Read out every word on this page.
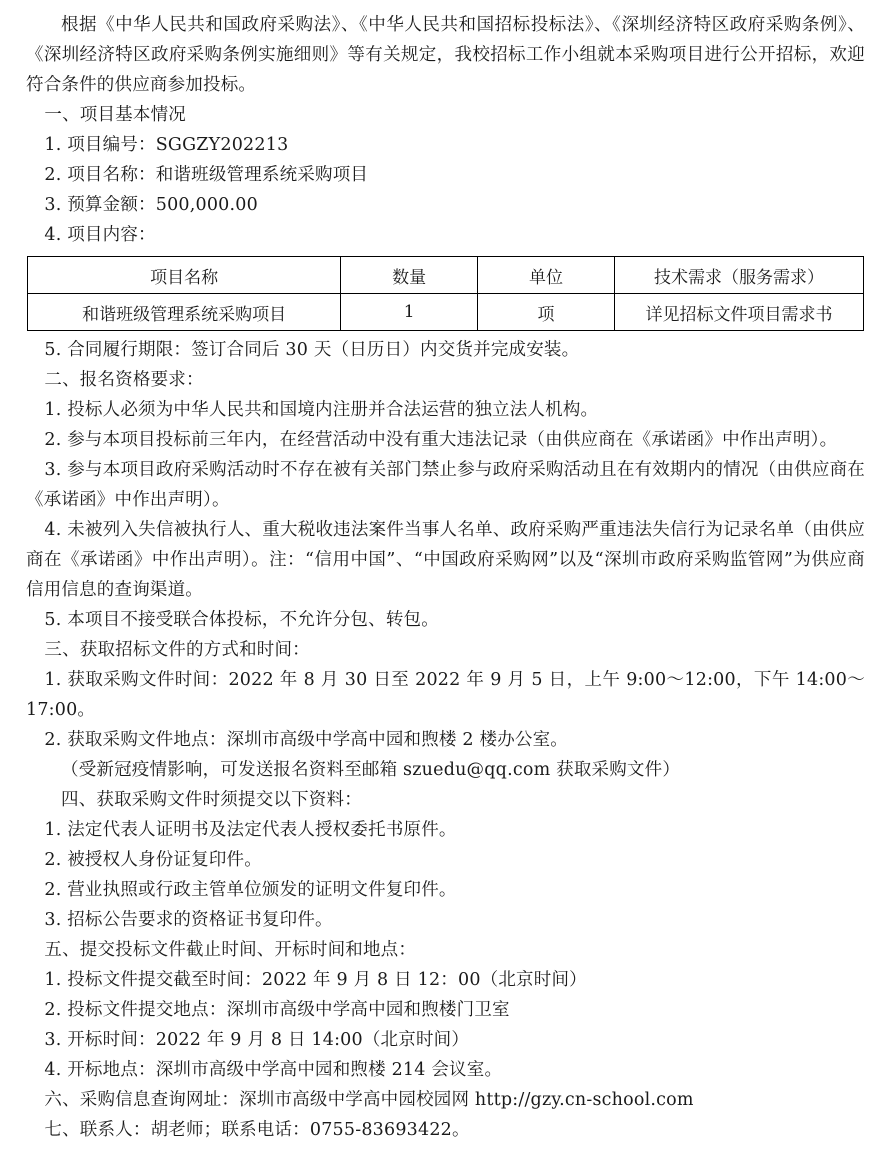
根据《中华人民共和国政府采购法》、《中华人民共和国招标投标法》、《深圳经济特区政府采购条例》、《深圳经济特区政府采购条例实施细则》等有关规定，我校招标工作小组就本采购项目进行公开招标，欢迎符合条件的供应商参加投标。

一、项目基本情况

1. 项目编号：SGGZY202213

2. 项目名称：和谐班级管理系统采购项目

3. 预算金额：500,000.00

4. 项目内容：

项目名称	数量	单位	技术需求（服务需求）
和谐班级管理系统采购项目	1	项	详见招标文件项目需求书

5. 合同履行期限：签订合同后 30 天（日历日）内交货并完成安装。

二、报名资格要求：

1. 投标人必须为中华人民共和国境内注册并合法运营的独立法人机构。

2. 参与本项目投标前三年内，在经营活动中没有重大违法记录（由供应商在《承诺函》中作出声明）。

3. 参与本项目政府采购活动时不存在被有关部门禁止参与政府采购活动且在有效期内的情况（由供应商在《承诺函》中作出声明）。

4. 未被列入失信被执行人、重大税收违法案件当事人名单、政府采购严重违法失信行为记录名单（由供应商在《承诺函》中作出声明）。注：“信用中国”、“中国政府采购网”以及“深圳市政府采购监管网”为供应商信用信息的查询渠道。

5. 本项目不接受联合体投标，不允许分包、转包。

三、获取招标文件的方式和时间：

1. 获取采购文件时间：2022 年 8 月 30 日至 2022 年 9 月 5 日，上午 9:00～12:00，下午 14:00～17:00。

2. 获取采购文件地点：深圳市高级中学高中园和煦楼 2 楼办公室。

（受新冠疫情影响，可发送报名资料至邮箱 szuedu@qq.com 获取采购文件）

四、获取采购文件时须提交以下资料：

1. 法定代表人证明书及法定代表人授权委托书原件。

2. 被授权人身份证复印件。

2. 营业执照或行政主管单位颁发的证明文件复印件。

3. 招标公告要求的资格证书复印件。

五、提交投标文件截止时间、开标时间和地点：

1. 投标文件提交截至时间：2022 年 9 月 8 日 12：00（北京时间）

2. 投标文件提交地点：深圳市高级中学高中园和煦楼门卫室

3. 开标时间：2022 年 9 月 8 日 14:00（北京时间）

4. 开标地点：深圳市高级中学高中园和煦楼 214 会议室。

六、采购信息查询网址：深圳市高级中学高中园校园网 http://gzy.cn-school.com

七、联系人：胡老师；联系电话：0755-83693422。
